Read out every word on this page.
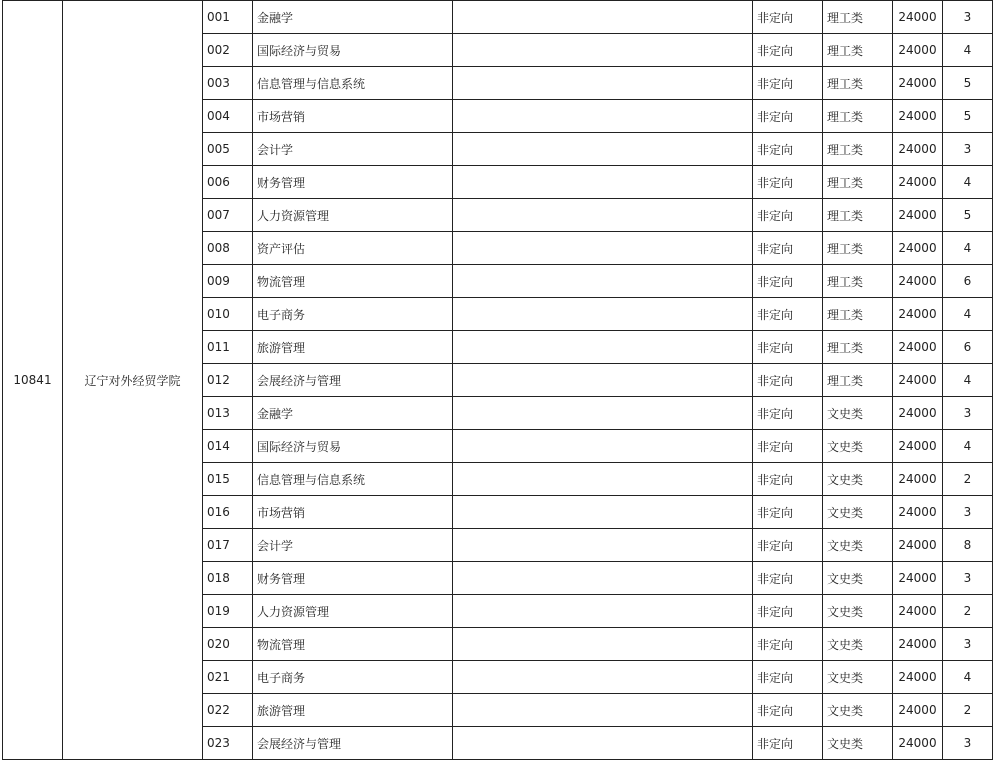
10841	辽宁对外经贸学院	001	金融学		非定向	理工类	24000	3
		002	国际经济与贸易		非定向	理工类	24000	4
		003	信息管理与信息系统		非定向	理工类	24000	5
		004	市场营销		非定向	理工类	24000	5
		005	会计学		非定向	理工类	24000	3
		006	财务管理		非定向	理工类	24000	4
		007	人力资源管理		非定向	理工类	24000	5
		008	资产评估		非定向	理工类	24000	4
		009	物流管理		非定向	理工类	24000	6
		010	电子商务		非定向	理工类	24000	4
		011	旅游管理		非定向	理工类	24000	6
		012	会展经济与管理		非定向	理工类	24000	4
		013	金融学		非定向	文史类	24000	3
		014	国际经济与贸易		非定向	文史类	24000	4
		015	信息管理与信息系统		非定向	文史类	24000	2
		016	市场营销		非定向	文史类	24000	3
		017	会计学		非定向	文史类	24000	8
		018	财务管理		非定向	文史类	24000	3
		019	人力资源管理		非定向	文史类	24000	2
		020	物流管理		非定向	文史类	24000	3
		021	电子商务		非定向	文史类	24000	4
		022	旅游管理		非定向	文史类	24000	2
		023	会展经济与管理		非定向	文史类	24000	3
